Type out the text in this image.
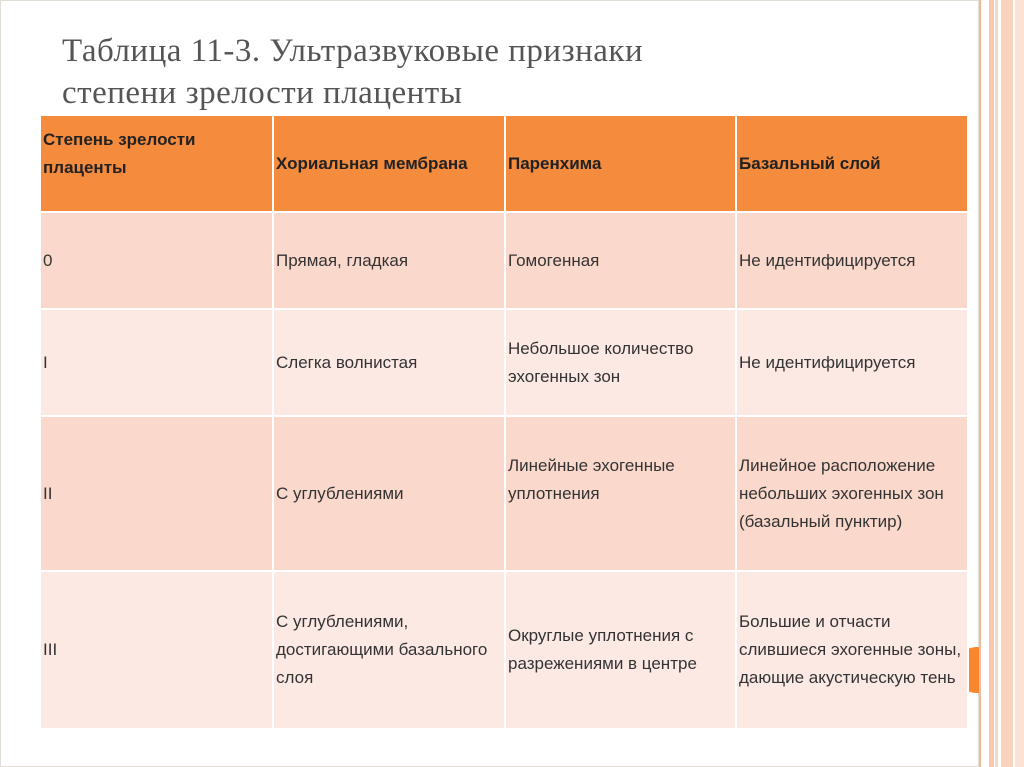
Таблица 11-3. Ультразвуковые признаки
степени зрелости плаценты
Степень зрелости плаценты	Хориальная мембрана	Паренхима	Базальный слой
0	Прямая, гладкая	Гомогенная	Не идентифицируется
I	Слегка волнистая	Небольшое количество эхогенных зон	Не идентифицируется
II	С углублениями	Линейные эхогенные уплотнения	Линейное расположение небольших эхогенных зон (базальный пунктир)
III	С углублениями, достигающими базального слоя	Округлые уплотнения с разрежениями в центре	Большие и отчасти слившиеся эхогенные зоны, дающие акустическую тень
